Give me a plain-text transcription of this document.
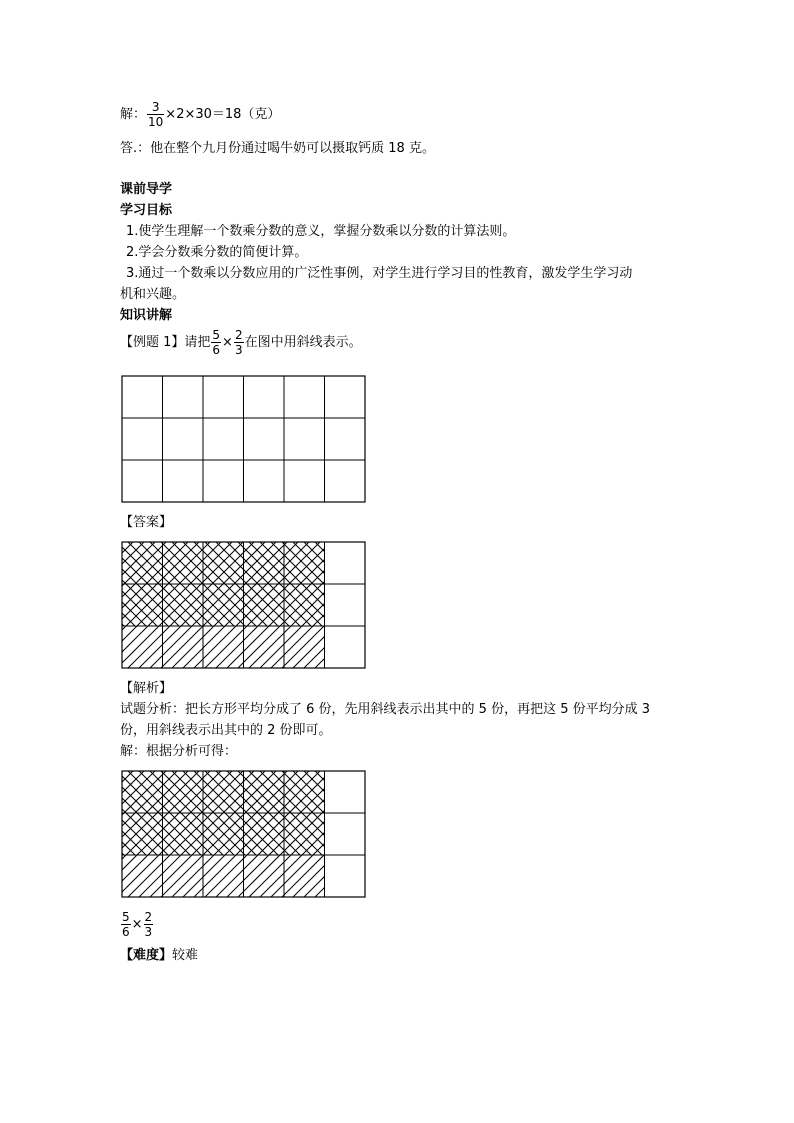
解： $\frac{3}{10} \times 2\times 30=18$（克）
答.：他在整个九月份通过喝牛奶可以摄取钙质 18 克。
课前导学
学习目标
1.使学生理解一个数乘分数的意义，掌握分数乘以分数的计算法则。
2.学会分数乘分数的简便计算。
3.通过一个数乘以分数应用的广泛性事例，对学生进行学习目的性教育，激发学生学习动
机和兴趣。
知识讲解
【例题 1】请把 $\frac{5}{6} \times \frac{2}{3}$ 在图中用斜线表示。
【答案】
【解析】
试题分析：把长方形平均分成了 6 份，先用斜线表示出其中的 5 份，再把这 5 份平均分成 3
份，用斜线表示出其中的 2 份即可。
解：根据分析可得：
$\frac{5}{6} \times \frac{2}{3}$
【难度】较难
